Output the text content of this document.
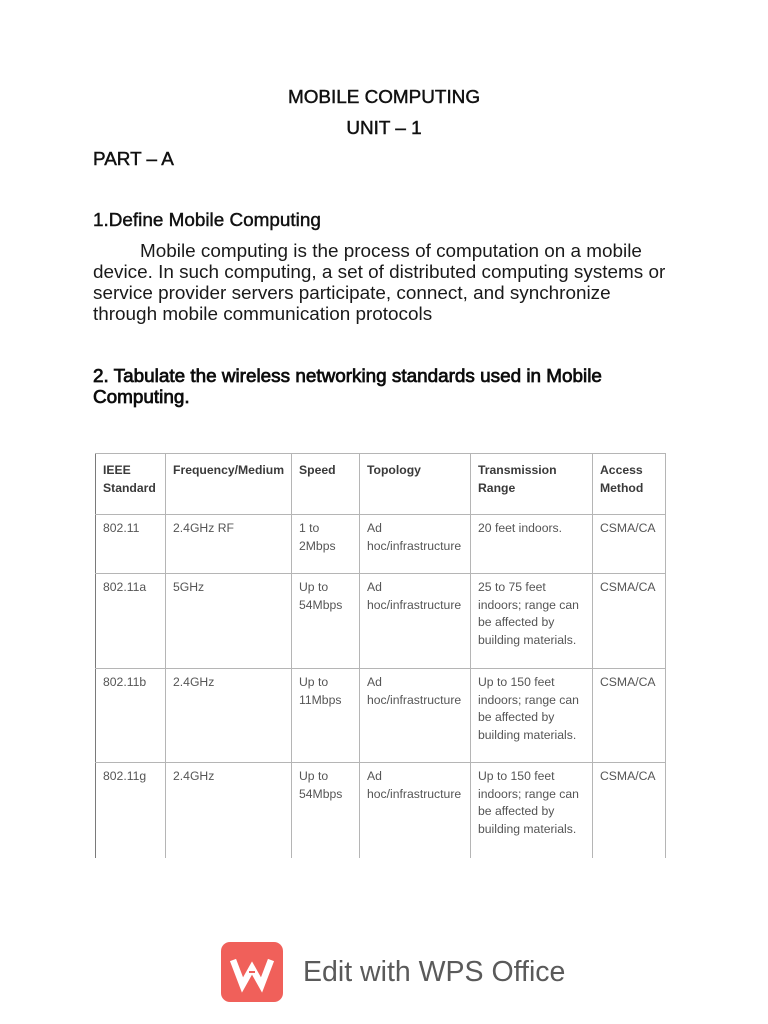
MOBILE COMPUTING

UNIT – 1

PART – A

1.Define Mobile Computing

Mobile computing is the process of computation on a mobile device. In such computing, a set of distributed computing systems or service provider servers participate, connect, and synchronize through mobile communication protocols

2. Tabulate the wireless networking standards used in Mobile Computing.

IEEE Standard	Frequency/Medium	Speed	Topology	Transmission Range	Access Method
802.11	2.4GHz RF	1 to 2Mbps	Ad hoc/infrastructure	20 feet indoors.	CSMA/CA
802.11a	5GHz	Up to 54Mbps	Ad hoc/infrastructure	25 to 75 feet indoors; range can be affected by building materials.	CSMA/CA
802.11b	2.4GHz	Up to 11Mbps	Ad hoc/infrastructure	Up to 150 feet indoors; range can be affected by building materials.	CSMA/CA
802.11g	2.4GHz	Up to 54Mbps	Ad hoc/infrastructure	Up to 150 feet indoors; range can be affected by building materials.	CSMA/CA
Edit with WPS Office
